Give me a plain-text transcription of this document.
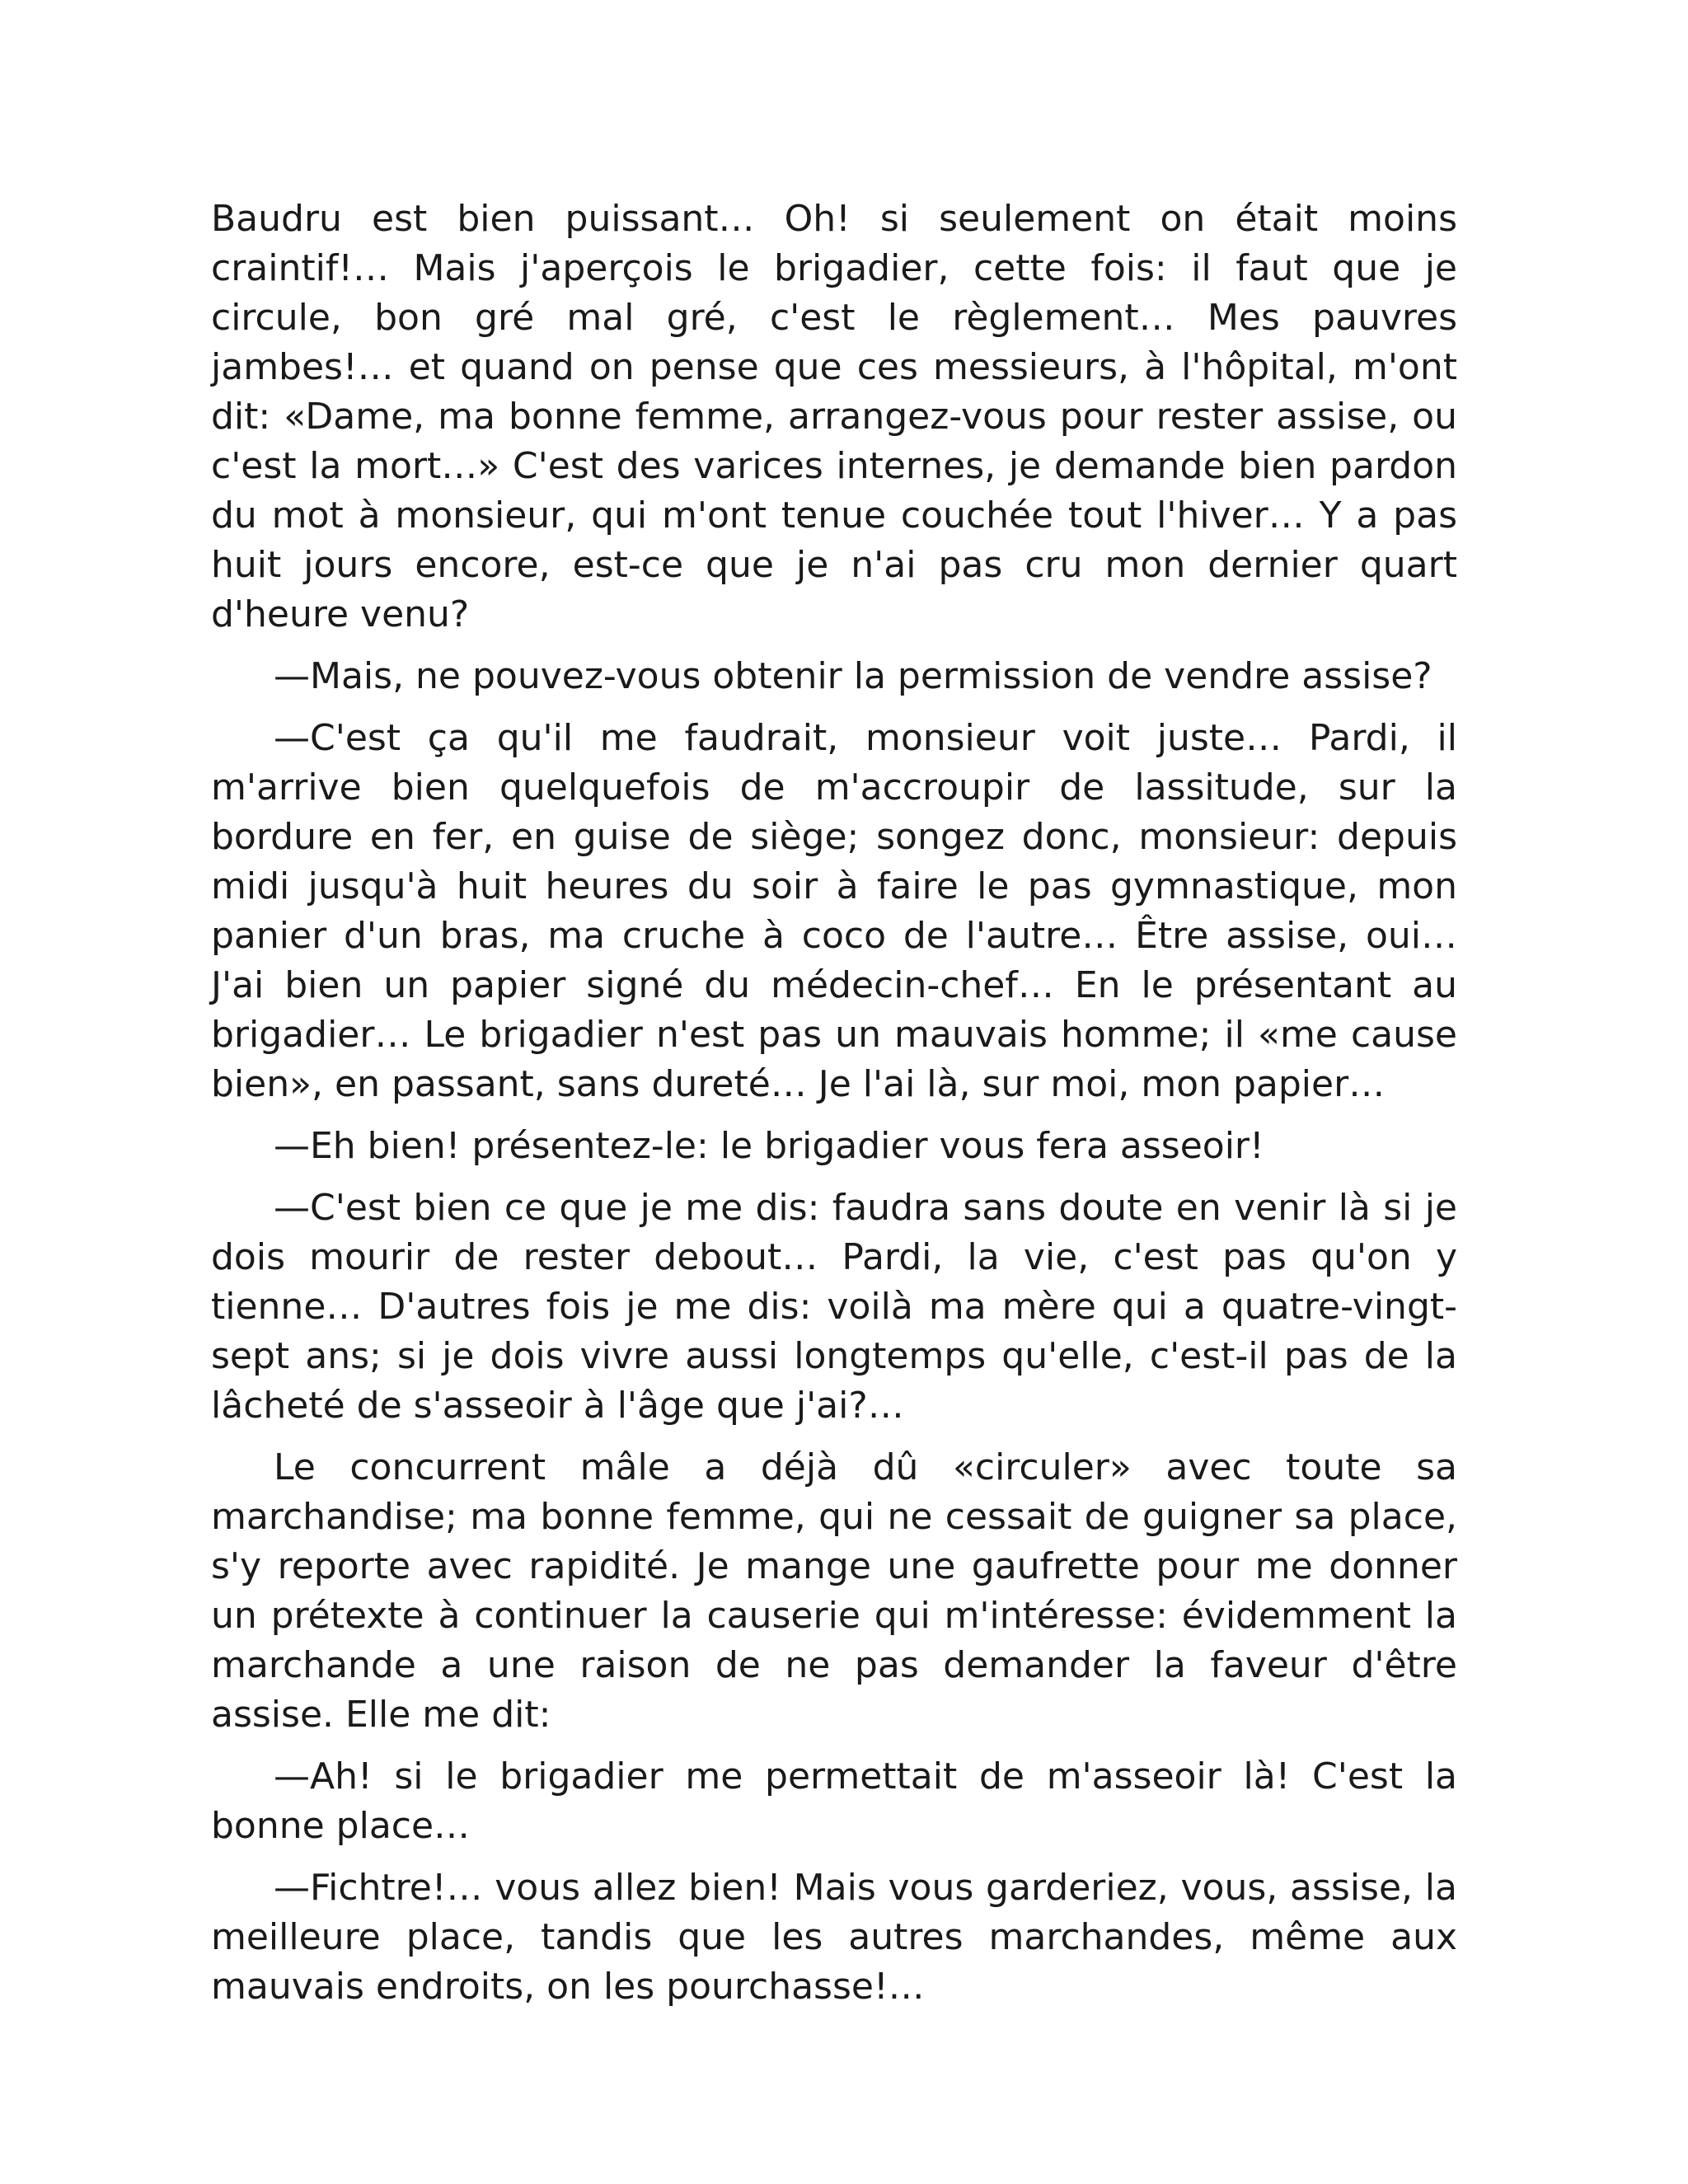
Baudru est bien puissant… Oh! si seulement on était moins craintif!… Mais j'aperçois le brigadier, cette fois: il faut que je circule, bon gré mal gré, c'est le règlement… Mes pauvres jambes!… et quand on pense que ces messieurs, à l'hôpital, m'ont dit: «Dame, ma bonne femme, arrangez-vous pour rester assise, ou c'est la mort…» C'est des varices internes, je demande bien pardon du mot à monsieur, qui m'ont tenue couchée tout l'hiver… Y a pas huit jours encore, est-ce que je n'ai pas cru mon dernier quart d'heure venu?

—Mais, ne pouvez-vous obtenir la permission de vendre assise?

—C'est ça qu'il me faudrait, monsieur voit juste… Pardi, il m'arrive bien quelquefois de m'accroupir de lassitude, sur la bordure en fer, en guise de siège; songez donc, monsieur: depuis midi jusqu'à huit heures du soir à faire le pas gymnastique, mon panier d'un bras, ma cruche à coco de l'autre… Être assise, oui… J'ai bien un papier signé du médecin-chef… En le présentant au brigadier… Le brigadier n'est pas un mauvais homme; il «me cause bien», en passant, sans dureté… Je l'ai là, sur moi, mon papier…

—Eh bien! présentez-le: le brigadier vous fera asseoir!

—C'est bien ce que je me dis: faudra sans doute en venir là si je dois mourir de rester debout… Pardi, la vie, c'est pas qu'on y tienne… D'autres fois je me dis: voilà ma mère qui a quatre-vingt-sept ans; si je dois vivre aussi longtemps qu'elle, c'est-il pas de la lâcheté de s'asseoir à l'âge que j'ai?…

Le concurrent mâle a déjà dû «circuler» avec toute sa marchandise; ma bonne femme, qui ne cessait de guigner sa place, s'y reporte avec rapidité. Je mange une gaufrette pour me donner un prétexte à continuer la causerie qui m'intéresse: évidemment la marchande a une raison de ne pas demander la faveur d'être assise. Elle me dit:

—Ah! si le brigadier me permettait de m'asseoir là! C'est la bonne place…

—Fichtre!… vous allez bien! Mais vous garderiez, vous, assise, la meilleure place, tandis que les autres marchandes, même aux mauvais endroits, on les pourchasse!…
